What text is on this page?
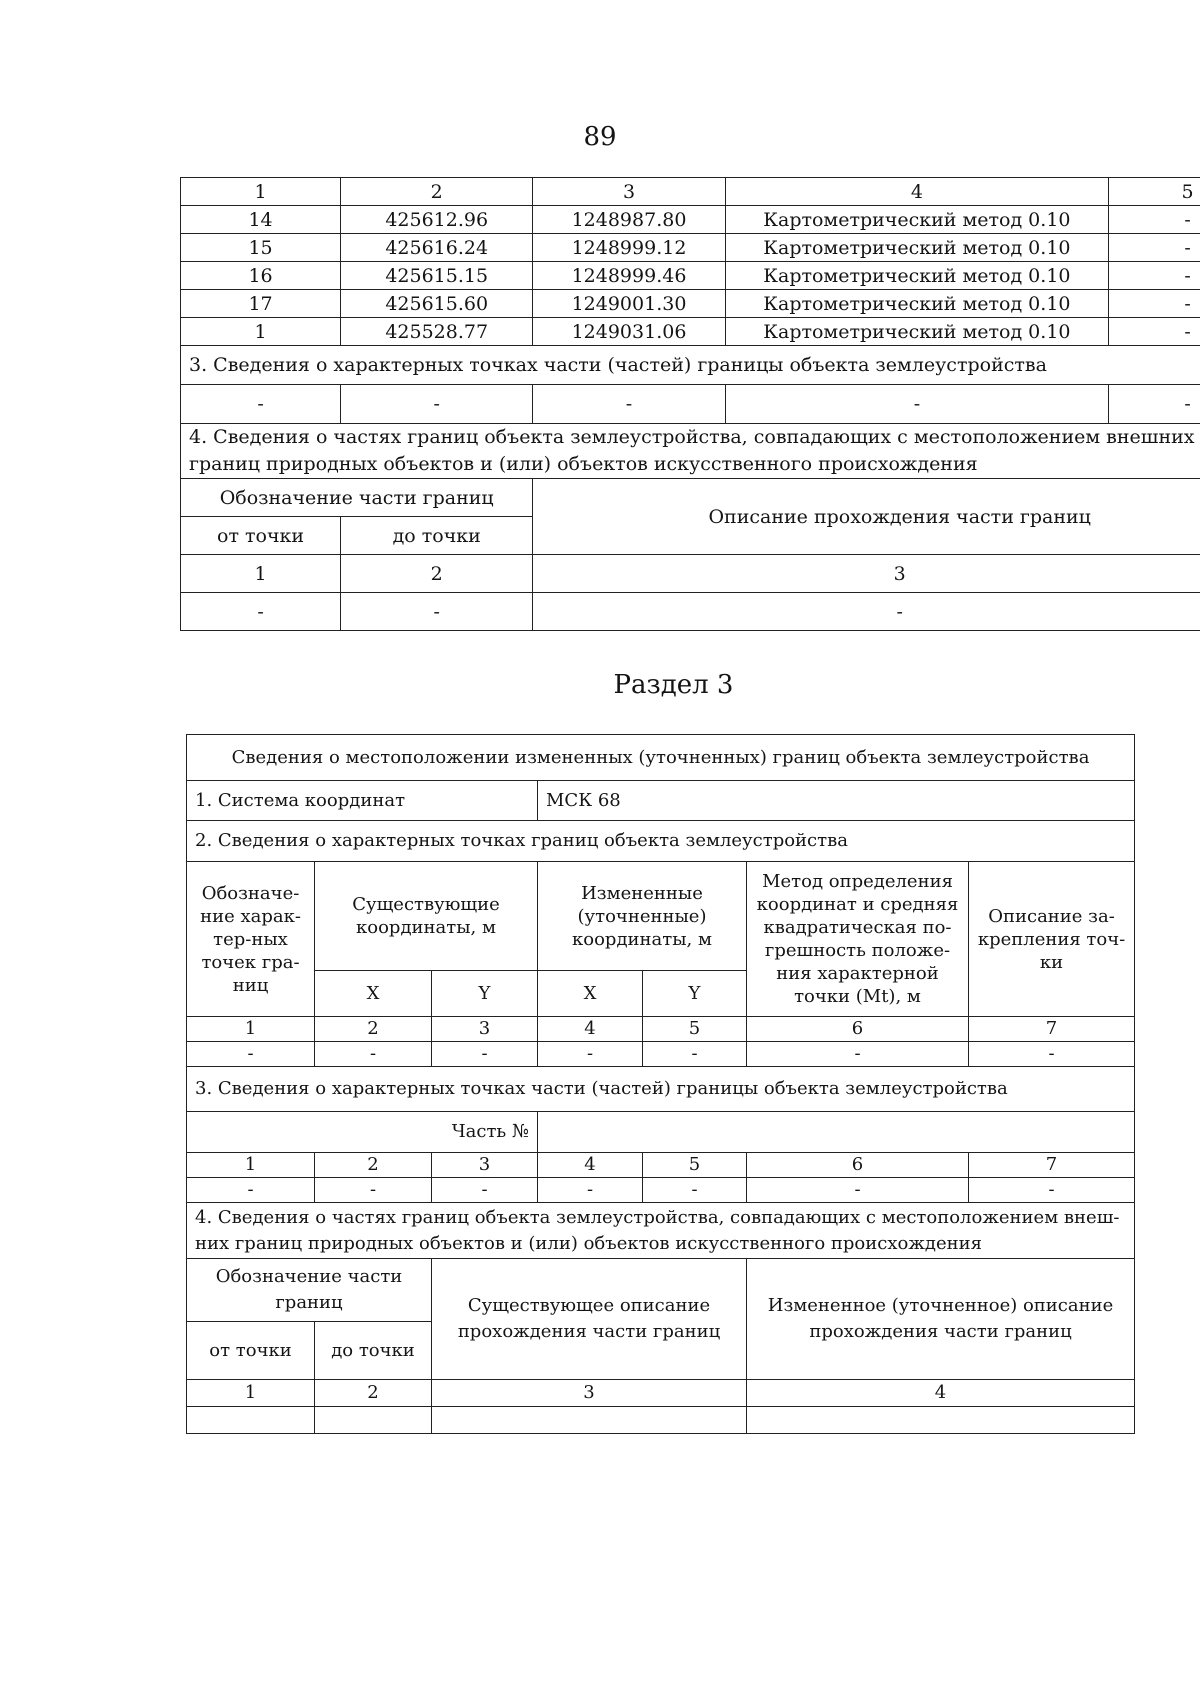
89
1	2	3	4	5
14	425612.96	1248987.80	Картометрический метод 0.10	-
15	425616.24	1248999.12	Картометрический метод 0.10	-
16	425615.15	1248999.46	Картометрический метод 0.10	-
17	425615.60	1249001.30	Картометрический метод 0.10	-
1	425528.77	1249031.06	Картометрический метод 0.10	-
3. Сведения о характерных точках части (частей) границы объекта землеустройства				
-	-	-	-	-
4. Сведения о частях границ объекта землеустройства, совпадающих с местоположением внешних границ природных объектов и (или) объектов искусственного происхождения				
Обозначение части границ		Описание прохождения части границ		
от точки	до точки			
1	2	3		
-	-	-		
Раздел 3
Сведения о местоположении измененных (уточненных) границ объекта землеустройства						
1. Система координат			МСК 68			
2. Сведения о характерных точках границ объекта землеустройства						
Обозначе-ние харак-тер-ных точек гра-ниц	Существующие координаты, м		Измененные (уточненные) координаты, м		Метод определения координат и средняя квадратическая по-грешность положе-ния характерной точки (Mt), м	Описание за-крепления точ-ки
	X	Y	X	Y		
1	2	3	4	5	6	7
-	-	-	-	-	-	-
3. Сведения о характерных точках части (частей) границы объекта землеустройства						
Часть №						
1	2	3	4	5	6	7
-	-	-	-	-	-	-
4. Сведения о частях границ объекта землеустройства, совпадающих с местоположением внеш-них границ природных объектов и (или) объектов искусственного происхождения						
Обозначение части границ		Существующее описание прохождения части границ			Измененное (уточненное) описание прохождения части границ	
от точки	до точки					
1	2	3			4	
